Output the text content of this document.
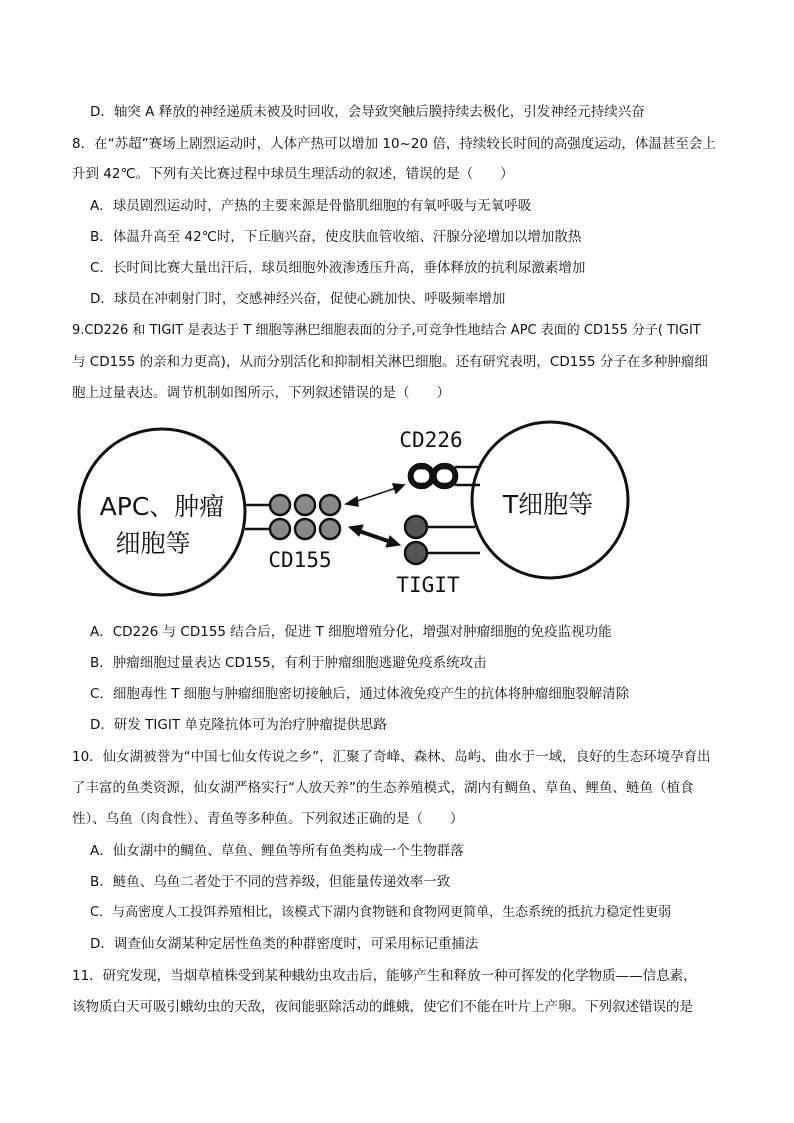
D．轴突 A 释放的神经递质未被及时回收，会导致突触后膜持续去极化，引发神经元持续兴奋
8．在“苏超”赛场上剧烈运动时，人体产热可以增加 10~20 倍，持续较长时间的高强度运动，体温甚至会上
升到 42℃。下列有关比赛过程中球员生理活动的叙述，错误的是（　　）
A．球员剧烈运动时，产热的主要来源是骨骼肌细胞的有氧呼吸与无氧呼吸
B．体温升高至 42℃时，下丘脑兴奋，使皮肤血管收缩、汗腺分泌增加以增加散热
C．长时间比赛大量出汗后，球员细胞外液渗透压升高，垂体释放的抗利尿激素增加
D．球员在冲刺射门时，交感神经兴奋，促使心跳加快、呼吸频率增加
9.CD226 和 TIGIT 是表达于 T 细胞等淋巴细胞表面的分子,可竞争性地结合 APC 表面的 CD155 分子( TIGIT
与 CD155 的亲和力更高)，从而分别活化和抑制相关淋巴细胞。还有研究表明，CD155 分子在多种肿瘤细
胞上过量表达。调节机制如图所示，下列叙述错误的是（　　）
APC、肿瘤
细胞等
T细胞等
CD155
CD226
TIGIT
A．CD226 与 CD155 结合后，促进 T 细胞增殖分化，增强对肿瘤细胞的免疫监视功能
B．肿瘤细胞过量表达 CD155，有利于肿瘤细胞逃避免疫系统攻击
C．细胞毒性 T 细胞与肿瘤细胞密切接触后，通过体液免疫产生的抗体将肿瘤细胞裂解清除
D．研发 TIGIT 单克隆抗体可为治疗肿瘤提供思路
10．仙女湖被誉为“中国七仙女传说之乡”，汇聚了奇峰、森林、岛屿、曲水于一域，良好的生态环境孕育出
了丰富的鱼类资源，仙女湖严格实行“人放天养”的生态养殖模式，湖内有鲷鱼、草鱼、鲤鱼、鲢鱼（植食
性）、乌鱼（肉食性）、青鱼等多种鱼。下列叙述正确的是（　　）
A．仙女湖中的鲷鱼、草鱼、鲤鱼等所有鱼类构成一个生物群落
B．鲢鱼、乌鱼二者处于不同的营养级，但能量传递效率一致
C．与高密度人工投饵养殖相比，该模式下湖内食物链和食物网更简单，生态系统的抵抗力稳定性更弱
D．调查仙女湖某种定居性鱼类的种群密度时，可采用标记重捕法
11．研究发现，当烟草植株受到某种蛾幼虫攻击后，能够产生和释放一种可挥发的化学物质——信息素，
该物质白天可吸引蛾幼虫的天敌，夜间能驱除活动的雌蛾，使它们不能在叶片上产卵。下列叙述错误的是
